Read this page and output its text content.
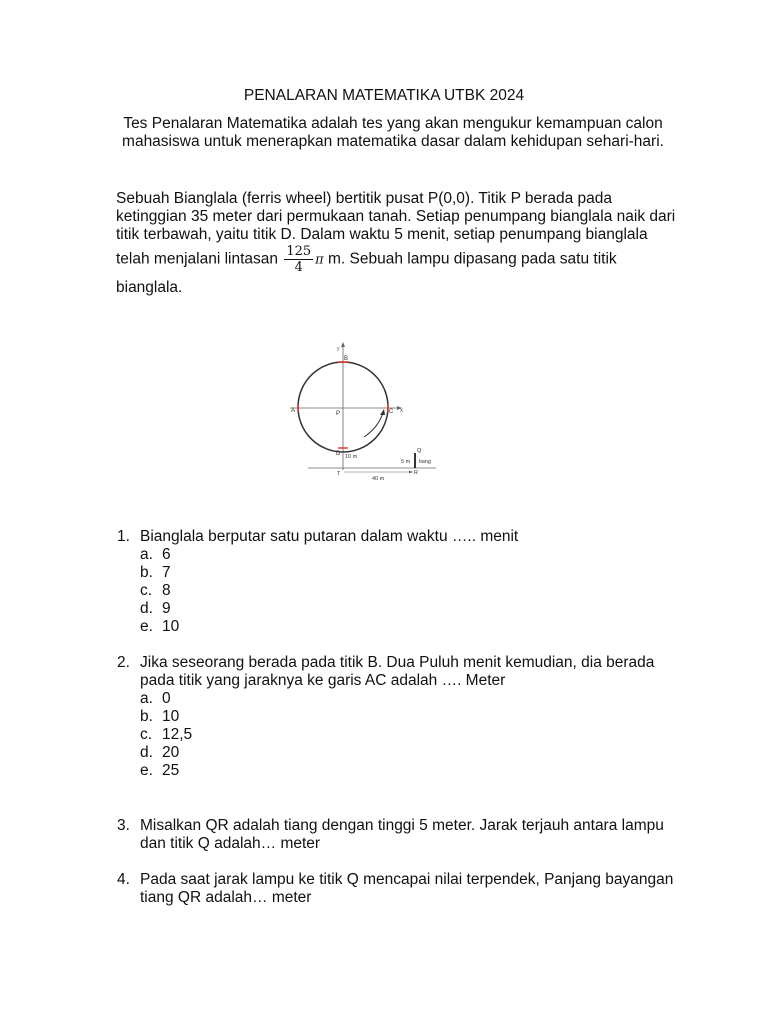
PENALARAN MATEMATIKA UTBK 2024
Tes Penalaran Matematika adalah tes yang akan mengukur kemampuan calon mahasiswa untuk menerapkan matematika dasar dalam kehidupan sehari-hari.
Sebuah Bianglala (ferris wheel) bertitik pusat P(0,0). Titik P berada pada
ketinggian 35 meter dari permukaan tanah. Setiap penumpang bianglala naik dari
titik terbawah, yaitu titik D. Dalam waktu 5 menit, setiap penumpang bianglala
telah menjalani lintasan $\frac{125}{4}$ π m. Sebuah lampu dipasang pada satu titik
bianglala.
y
x
B
A	P	C
D 10 m
Q
5 m tiang
T	R
40 m
1. Bianglala berputar satu putaran dalam waktu ….. menit
a. 6
b. 7
c. 8
d. 9
e. 10
2. Jika seseorang berada pada titik B. Dua Puluh menit kemudian, dia berada
pada titik yang jaraknya ke garis AC adalah …. Meter
a. 0
b. 10
c. 12,5
d. 20
e. 25
3. Misalkan QR adalah tiang dengan tinggi 5 meter. Jarak terjauh antara lampu
dan titik Q adalah… meter
4. Pada saat jarak lampu ke titik Q mencapai nilai terpendek, Panjang bayangan
tiang QR adalah… meter
